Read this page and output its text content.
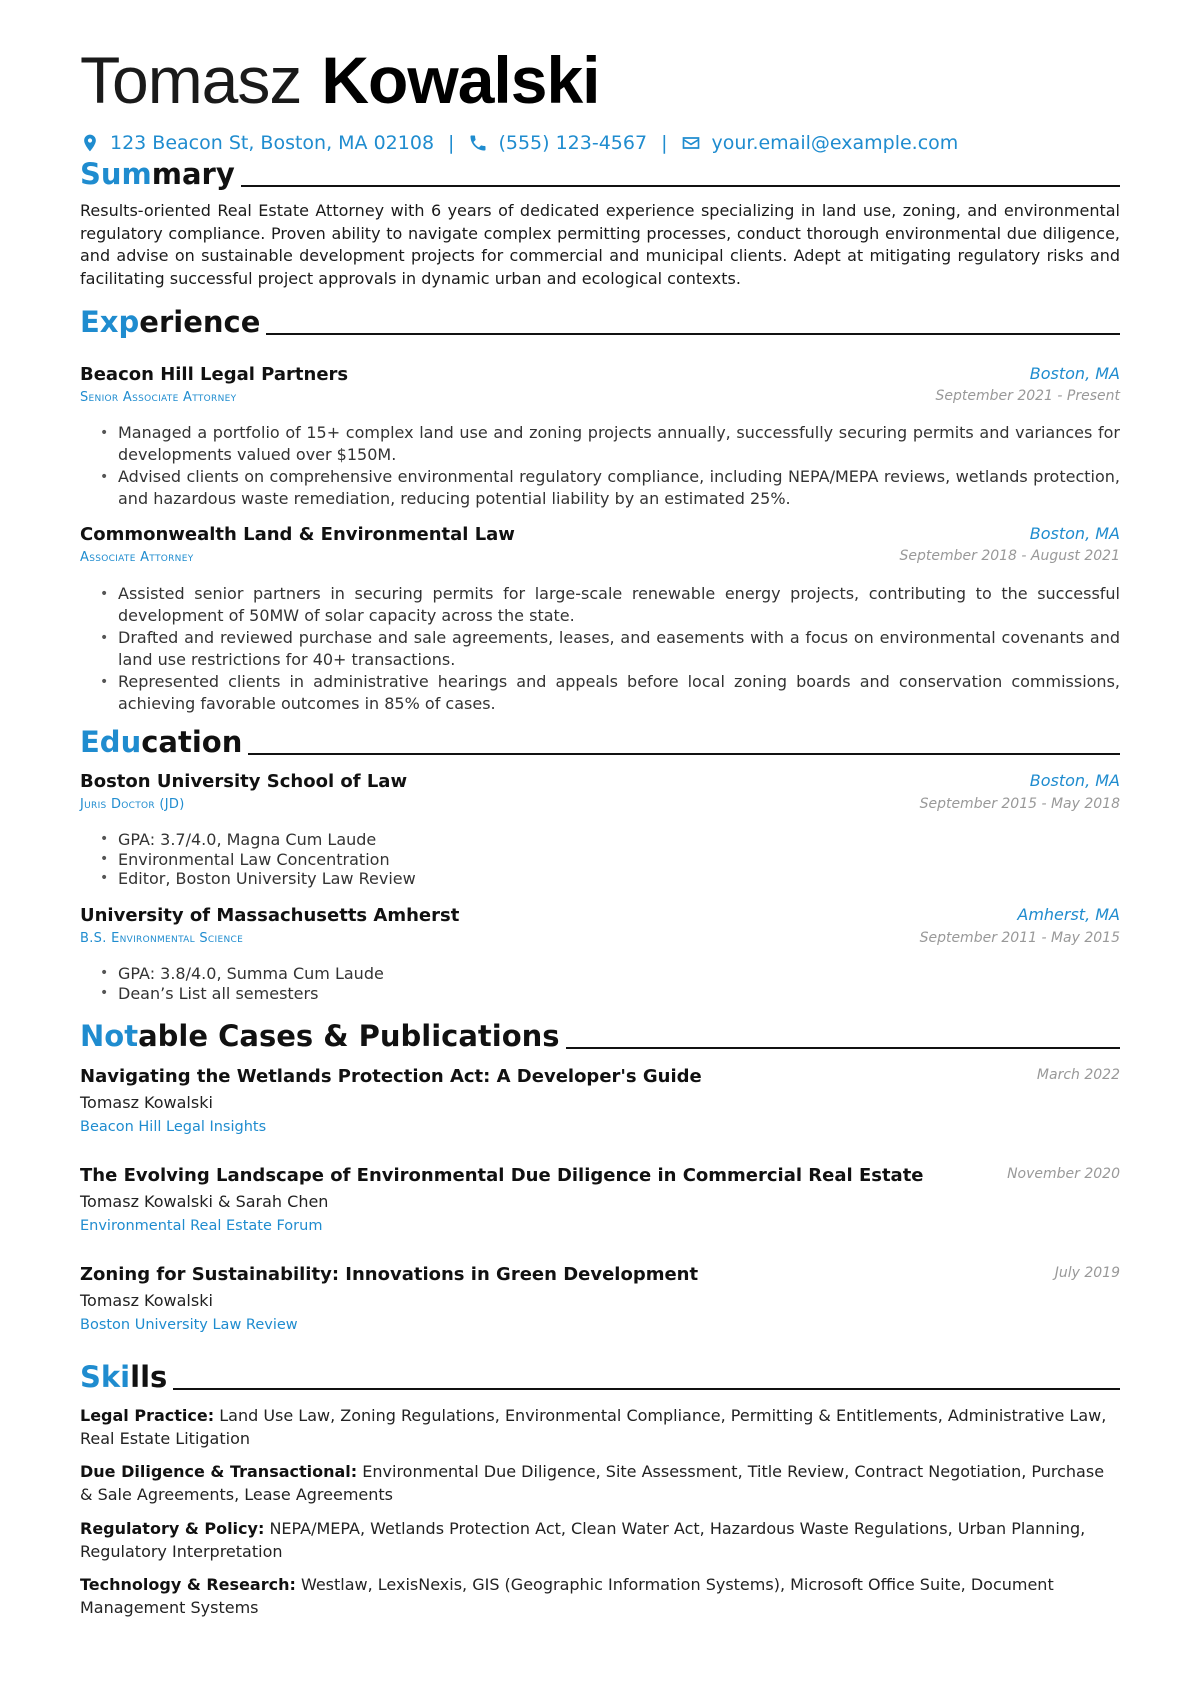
Tomasz Kowalski
123 Beacon St, Boston, MA 02108 | (555) 123-4567 | your.email@example.com
Summary

Results-oriented Real Estate Attorney with 6 years of dedicated experience specializing in land use, zoning, and environmental regulatory compliance. Proven ability to navigate complex permitting processes, conduct thorough environmental due diligence, and advise on sustainable development projects for commercial and municipal clients. Adept at mitigating regulatory risks and facilitating successful project approvals in dynamic urban and ecological contexts.

Experience
Beacon Hill Legal Partners	Boston, MA
Senior Associate Attorney	September 2021 - Present
• Managed a portfolio of 15+ complex land use and zoning projects annually, successfully securing permits and variances for developments valued over $150M.
• Advised clients on comprehensive environmental regulatory compliance, including NEPA/MEPA reviews, wetlands protection, and hazardous waste remediation, reducing potential liability by an estimated 25%.
Commonwealth Land & Environmental Law	Boston, MA
Associate Attorney	September 2018 - August 2021
• Assisted senior partners in securing permits for large-scale renewable energy projects, contributing to the successful development of 50MW of solar capacity across the state.
• Drafted and reviewed purchase and sale agreements, leases, and easements with a focus on environmental covenants and land use restrictions for 40+ transactions.
• Represented clients in administrative hearings and appeals before local zoning boards and conservation commissions, achieving favorable outcomes in 85% of cases.
Education
Boston University School of Law	Boston, MA
Juris Doctor (JD)	September 2015 - May 2018
• GPA: 3.7/4.0, Magna Cum Laude
• Environmental Law Concentration
• Editor, Boston University Law Review
University of Massachusetts Amherst	Amherst, MA
B.S. Environmental Science	September 2011 - May 2015
• GPA: 3.8/4.0, Summa Cum Laude
• Dean’s List all semesters
Notable Cases & Publications
Navigating the Wetlands Protection Act: A Developer's Guide	March 2022
Tomasz Kowalski
Beacon Hill Legal Insights
The Evolving Landscape of Environmental Due Diligence in Commercial Real Estate	November 2020
Tomasz Kowalski & Sarah Chen
Environmental Real Estate Forum
Zoning for Sustainability: Innovations in Green Development	July 2019
Tomasz Kowalski
Boston University Law Review
Skills

Legal Practice: Land Use Law, Zoning Regulations, Environmental Compliance, Permitting & Entitlements, Administrative Law, Real Estate Litigation

Due Diligence & Transactional: Environmental Due Diligence, Site Assessment, Title Review, Contract Negotiation, Purchase & Sale Agreements, Lease Agreements

Regulatory & Policy: NEPA/MEPA, Wetlands Protection Act, Clean Water Act, Hazardous Waste Regulations, Urban Planning, Regulatory Interpretation

Technology & Research: Westlaw, LexisNexis, GIS (Geographic Information Systems), Microsoft Office Suite, Document Management Systems
